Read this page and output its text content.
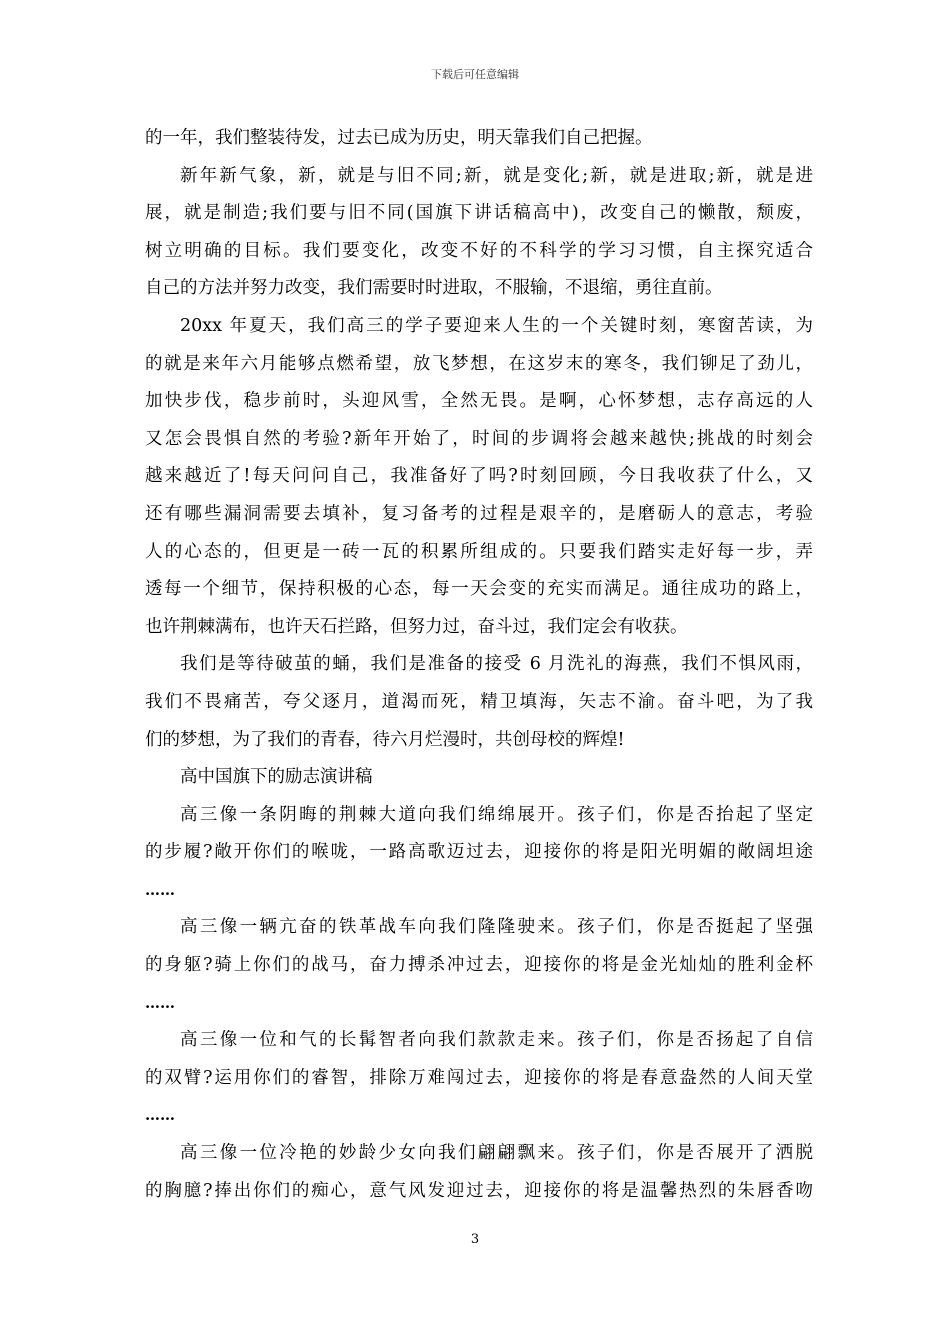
下载后可任意编辑
的一年，我们整装待发，过去已成为历史，明天靠我们自己把握。
新年新气象，新，就是与旧不同;新，就是变化;新，就是进取;新，就是进
展，就是制造;我们要与旧不同(国旗下讲话稿高中)，改变自己的懒散，颓废，
树立明确的目标。我们要变化，改变不好的不科学的学习习惯，自主探究适合
自己的方法并努力改变，我们需要时时进取，不服输，不退缩，勇往直前。
20xx 年夏天，我们高三的学子要迎来人生的一个关键时刻，寒窗苦读，为
的就是来年六月能够点燃希望，放飞梦想，在这岁末的寒冬，我们铆足了劲儿，
加快步伐，稳步前时，头迎风雪，全然无畏。是啊，心怀梦想，志存高远的人
又怎会畏惧自然的考验?新年开始了，时间的步调将会越来越快;挑战的时刻会
越来越近了!每天问问自己，我准备好了吗?时刻回顾，今日我收获了什么，又
还有哪些漏洞需要去填补，复习备考的过程是艰辛的，是磨砺人的意志，考验
人的心态的，但更是一砖一瓦的积累所组成的。只要我们踏实走好每一步，弄
透每一个细节，保持积极的心态，每一天会变的充实而满足。通往成功的路上，
也许荆棘满布，也许天石拦路，但努力过，奋斗过，我们定会有收获。
我们是等待破茧的蛹，我们是准备的接受 6 月洗礼的海燕，我们不惧风雨，
我们不畏痛苦，夸父逐月，道渴而死，精卫填海，矢志不渝。奋斗吧，为了我
们的梦想，为了我们的青春，待六月烂漫时，共创母校的辉煌!
高中国旗下的励志演讲稿
高三像一条阴晦的荆棘大道向我们绵绵展开。孩子们，你是否抬起了坚定
的步履?敞开你们的喉咙，一路高歌迈过去，迎接你的将是阳光明媚的敞阔坦途
……
高三像一辆亢奋的铁革战车向我们隆隆驶来。孩子们，你是否挺起了坚强
的身躯?骑上你们的战马，奋力搏杀冲过去，迎接你的将是金光灿灿的胜利金杯
……
高三像一位和气的长髯智者向我们款款走来。孩子们，你是否扬起了自信
的双臂?运用你们的睿智，排除万难闯过去，迎接你的将是春意盎然的人间天堂
……
高三像一位冷艳的妙龄少女向我们翩翩飘来。孩子们，你是否展开了洒脱
的胸臆?捧出你们的痴心，意气风发迎过去，迎接你的将是温馨热烈的朱唇香吻
3
